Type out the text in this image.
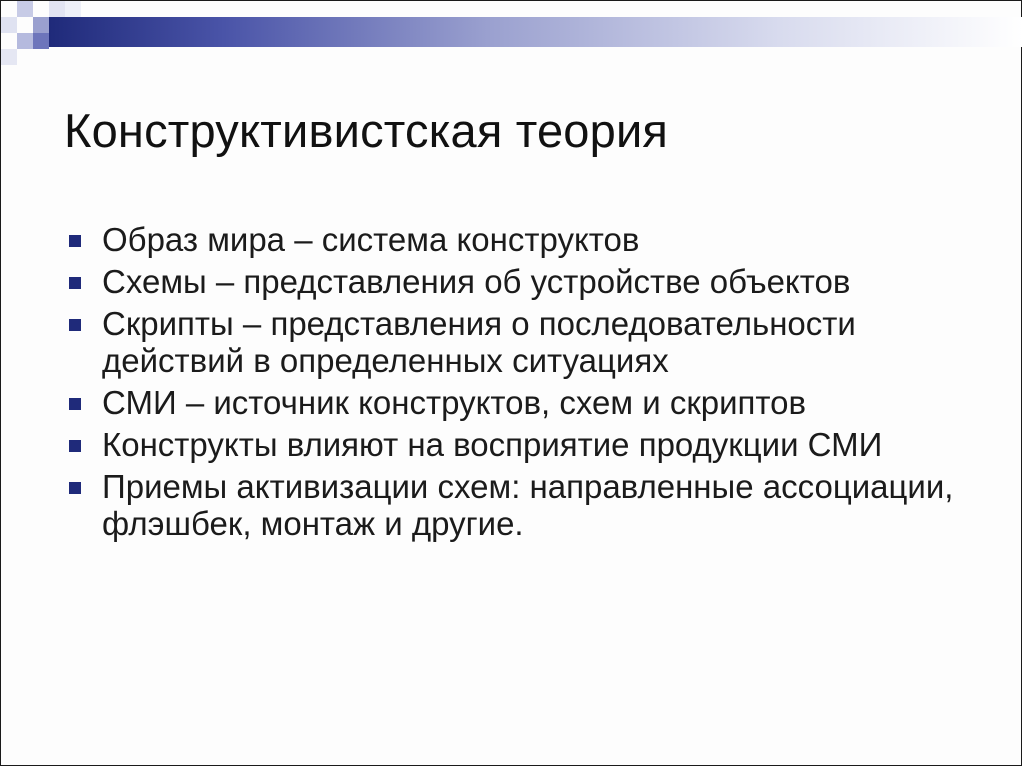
Конструктивистская теория
Образ мира – система конструктов
Схемы – представления об устройстве объектов
Скрипты – представления о последовательности действий в определенных ситуациях
СМИ – источник конструктов, схем и скриптов
Конструкты влияют на восприятие продукции СМИ
Приемы активизации схем: направленные ассоциации, флэшбек, монтаж и другие.
